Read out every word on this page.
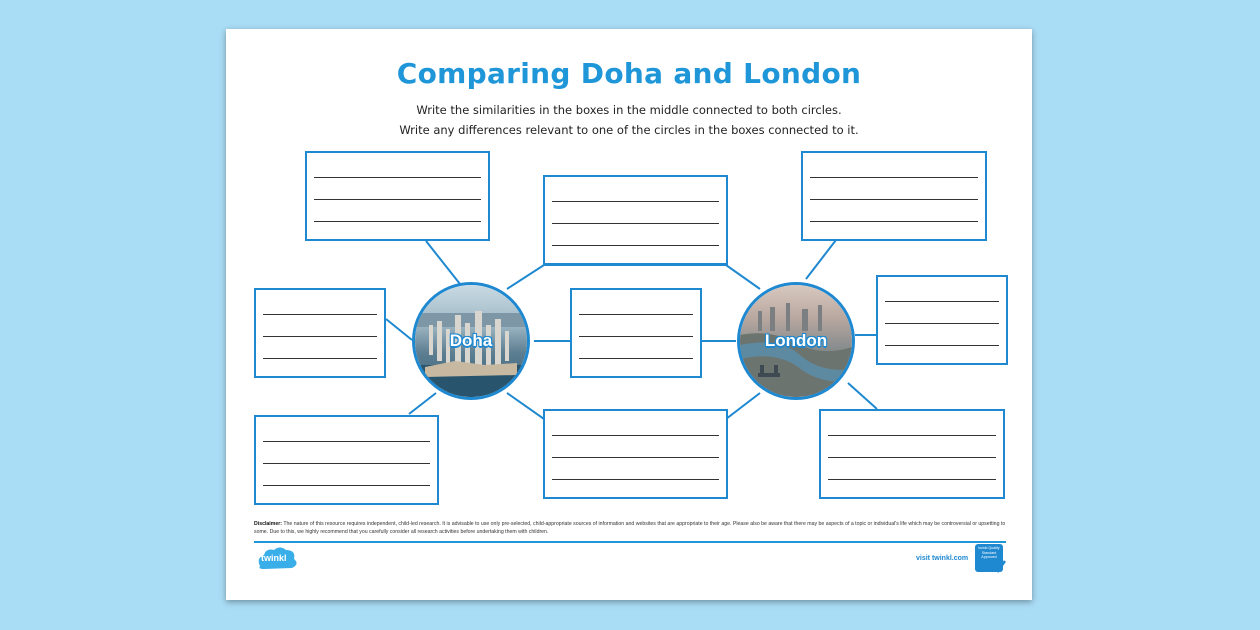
Comparing Doha and London
Write the similarities in the boxes in the middle connected to both circles.
Write any differences relevant to one of the circles in the boxes connected to it.
Doha	London
Disclaimer: The nature of this resource requires independent, child-led research. It is advisable to use only pre-selected, child-appropriate sources of information and websites that are appropriate to their age. Please also be aware that there may be aspects of a topic or individual's life which may be controversial or upsetting to some. Due to this, we highly recommend that you carefully consider all research activities before undertaking them with children.
twinkl	visit twinkl.com
twinkl Quality Standard Approved
